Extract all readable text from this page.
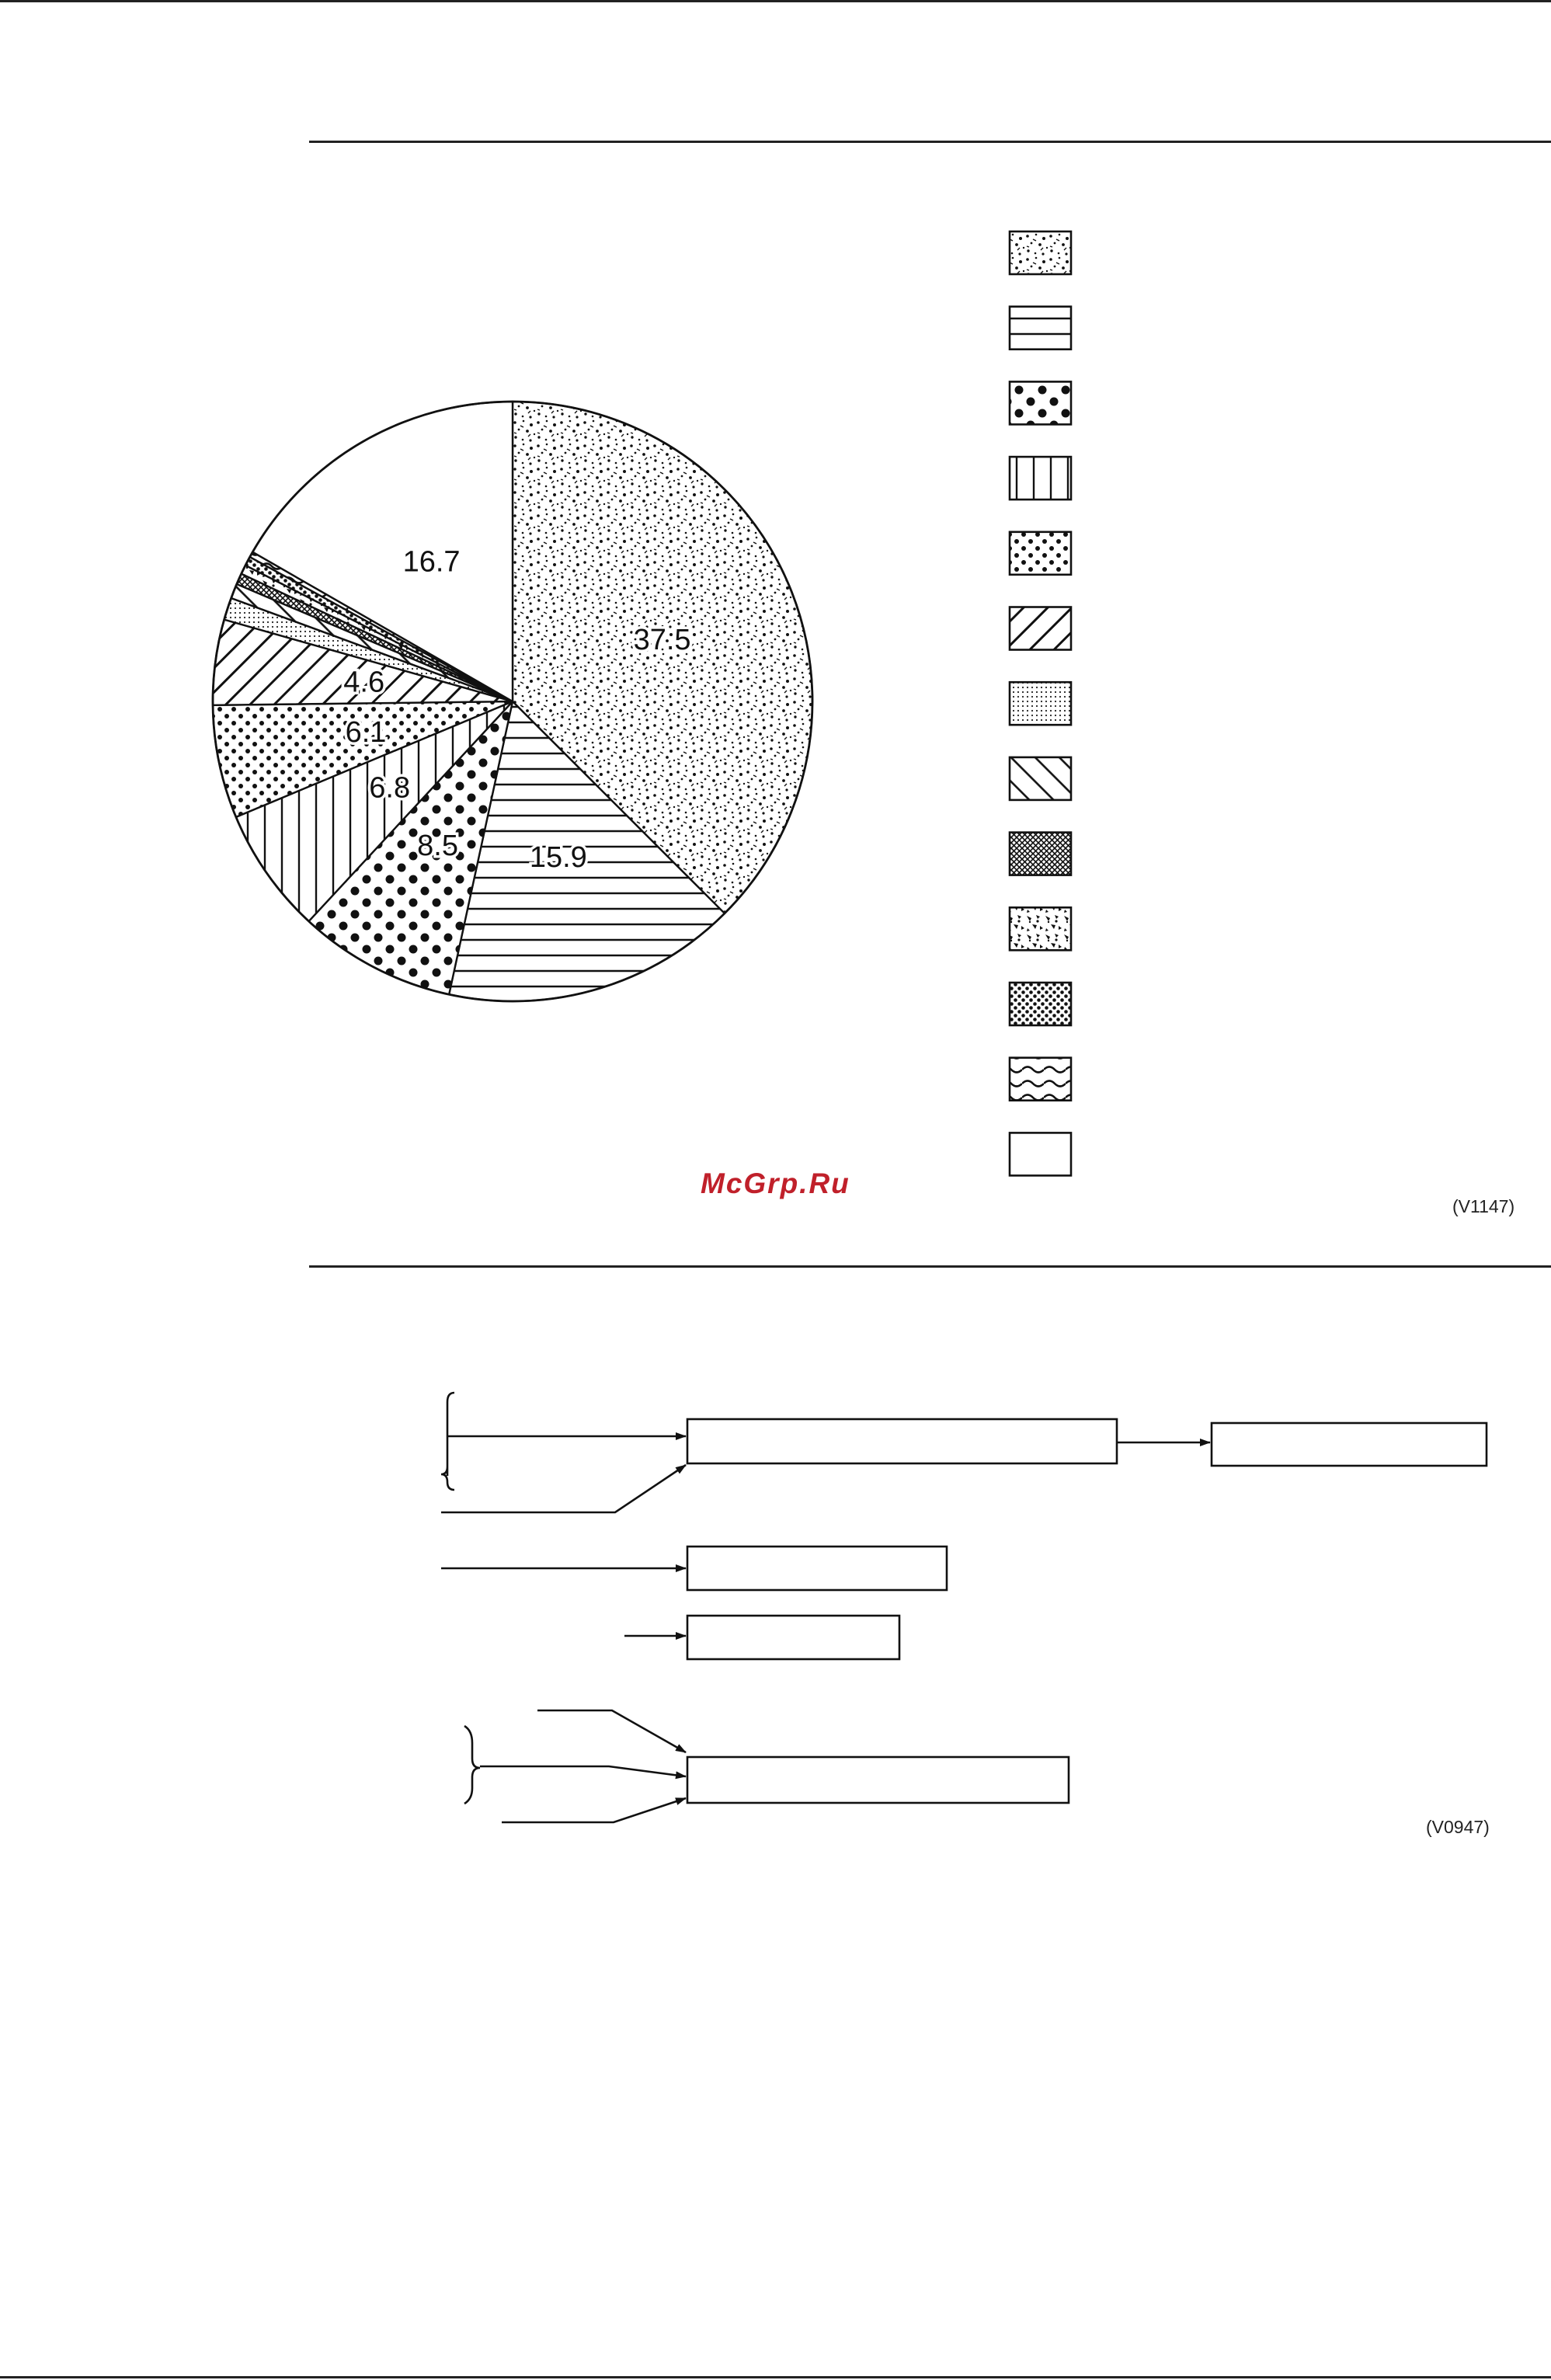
37.5
15.9
8.5
6.8
6.1
4.6
16.7
(V1147)
McGrp.Ru
(V0947)
